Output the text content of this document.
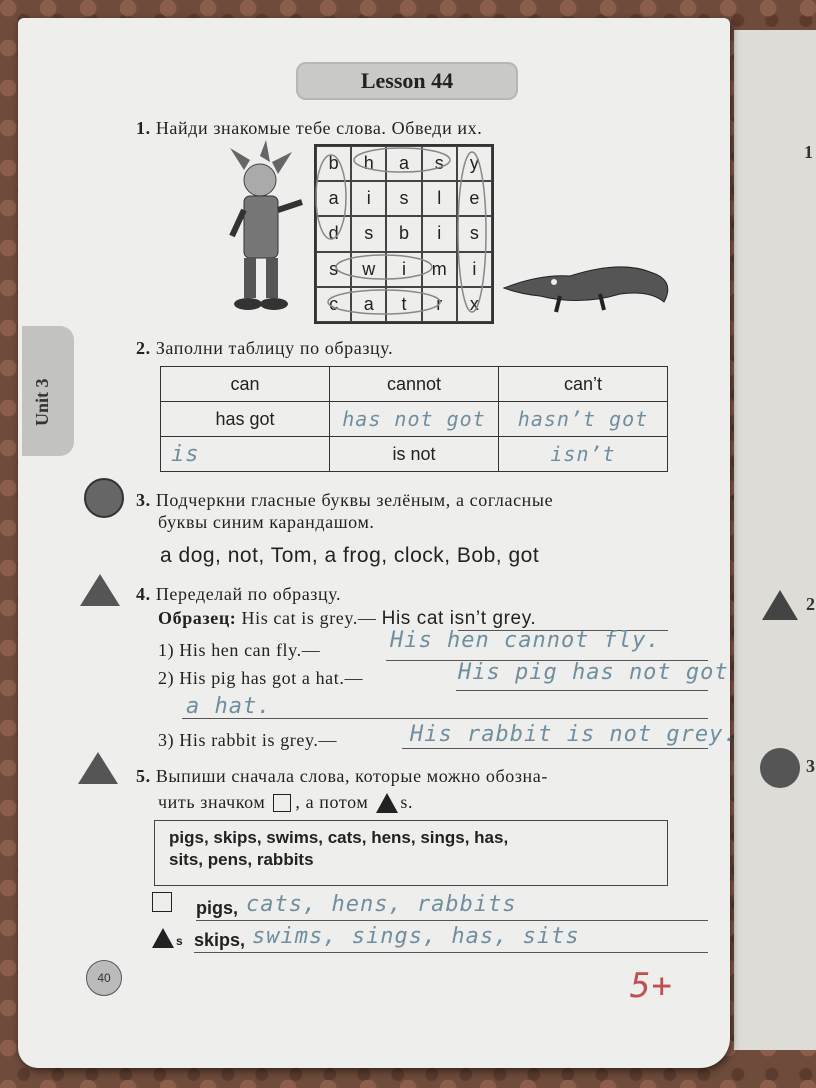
1
2
3
Unit 3
Lesson 44
1. Найди знакомые тебе слова. Обведи их.
b	h	a	s	y
a	i	s	l	e
d	s	b	i	s
s	w	i	m	i
c	a	t	r	x
2. Заполни таблицу по образцу.
can	cannot	can’t
has got	has not got	hasn’t got
is	is not	isn’t
3. Подчеркни гласные буквы зелёным, а согласные
буквы синим карандашом.
a dog, not, Tom, a frog, clock, Bob, got
4. Переделай по образцу.
Образец: His cat is grey.— His cat isn’t grey.
1) His hen can fly.—	His hen cannot fly.
2) His pig has got a hat.—	His pig has not got
a hat.
3) His rabbit is grey.—	His rabbit is not grey.
5. Выпиши сначала слова, которые можно обозна-
чить значком , а потом s.
pigs, skips, swims, cats, hens, sings, has,
sits, pens, rabbits
pigs, cats, hens, rabbits
s skips, swims, sings, has, sits
5+
40
